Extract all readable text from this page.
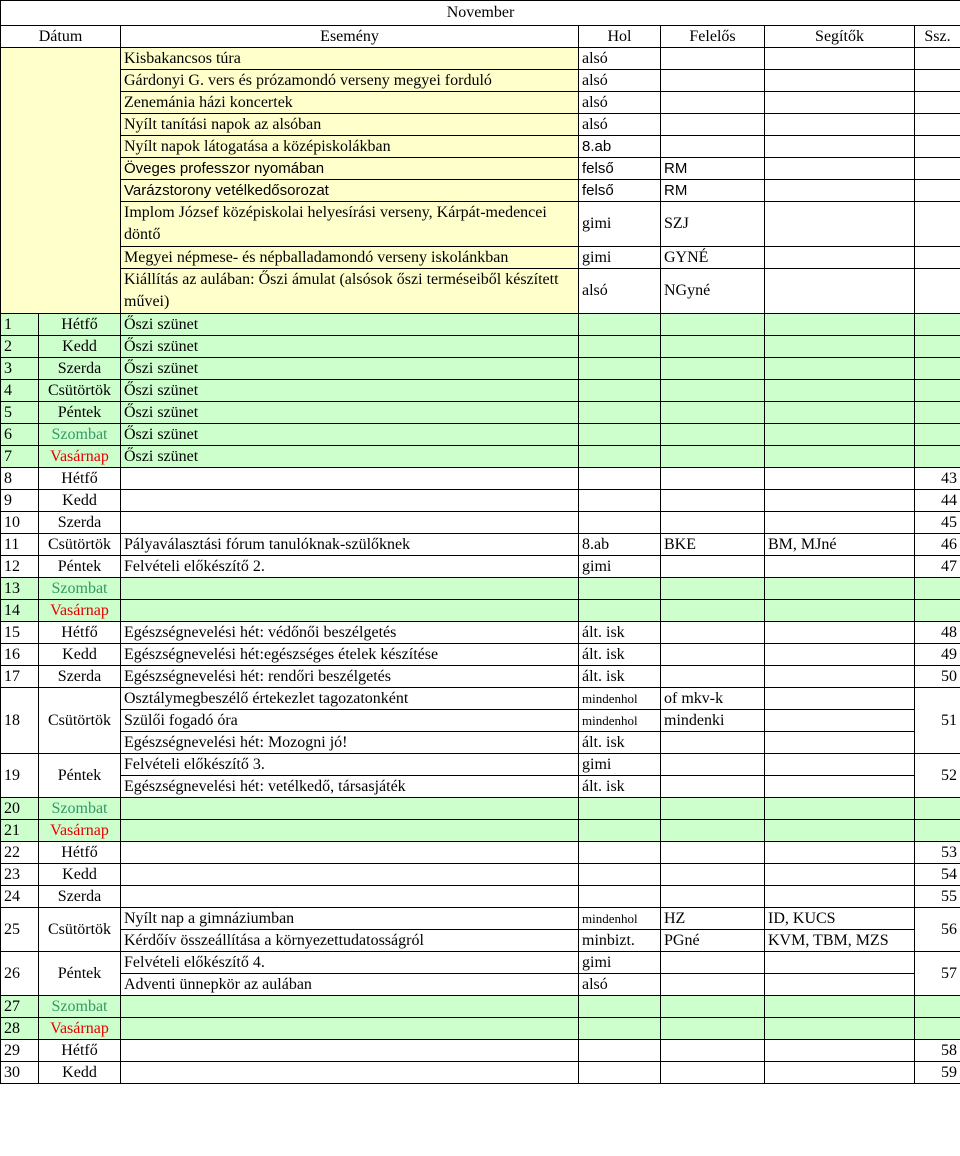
November						
Dátum		Esemény	Hol	Felelős	Segítők	Ssz.
		Kisbakancsos túra	alsó			
		Gárdonyi G. vers és prózamondó verseny megyei forduló	alsó			
		Zenemánia házi koncertek	alsó			
		Nyílt tanítási napok az alsóban	alsó			
		Nyílt napok látogatása a középiskolákban	8.ab			
		Öveges professzor nyomában	felső	RM		
		Varázstorony vetélkedősorozat	felső	RM		
		Implom József középiskolai helyesírási verseny, Kárpát-medencei döntő	gimi	SZJ		
		Megyei népmese- és népballadamondó verseny iskolánkban	gimi	GYNÉ		
		Kiállítás az aulában: Őszi ámulat (alsósok őszi terméseiből készített művei)	alsó	NGyné		
1	Hétfő	Őszi szünet				
2	Kedd	Őszi szünet				
3	Szerda	Őszi szünet				
4	Csütörtök	Őszi szünet				
5	Péntek	Őszi szünet				
6	Szombat	Őszi szünet				
7	Vasárnap	Őszi szünet				
8	Hétfő					43
9	Kedd					44
10	Szerda					45
11	Csütörtök	Pályaválasztási fórum tanulóknak-szülőknek	8.ab	BKE	BM, MJné	46
12	Péntek	Felvételi előkészítő 2.	gimi			47
13	Szombat					
14	Vasárnap					
15	Hétfő	Egészségnevelési hét: védőnői beszélgetés	ált. isk			48
16	Kedd	Egészségnevelési hét:egészséges ételek készítése	ált. isk			49
17	Szerda	Egészségnevelési hét: rendőri beszélgetés	ált. isk			50
18	Csütörtök	Osztálymegbeszélő értekezlet tagozatonként	mindenhol	of mkv-k		51
		Szülői fogadó óra	mindenhol	mindenki		
		Egészségnevelési hét: Mozogni jó!	ált. isk			
19	Péntek	Felvételi előkészítő 3.	gimi			52
		Egészségnevelési hét: vetélkedő, társasjáték	ált. isk			
20	Szombat					
21	Vasárnap					
22	Hétfő					53
23	Kedd					54
24	Szerda					55
25	Csütörtök	Nyílt nap a gimnáziumban	mindenhol	HZ	ID, KUCS	56
		Kérdőív összeállítása a környezettudatosságról	minbizt.	PGné	KVM, TBM, MZS	
26	Péntek	Felvételi előkészítő 4.	gimi			57
		Adventi ünnepkör az aulában	alsó			
27	Szombat					
28	Vasárnap					
29	Hétfő					58
30	Kedd					59
